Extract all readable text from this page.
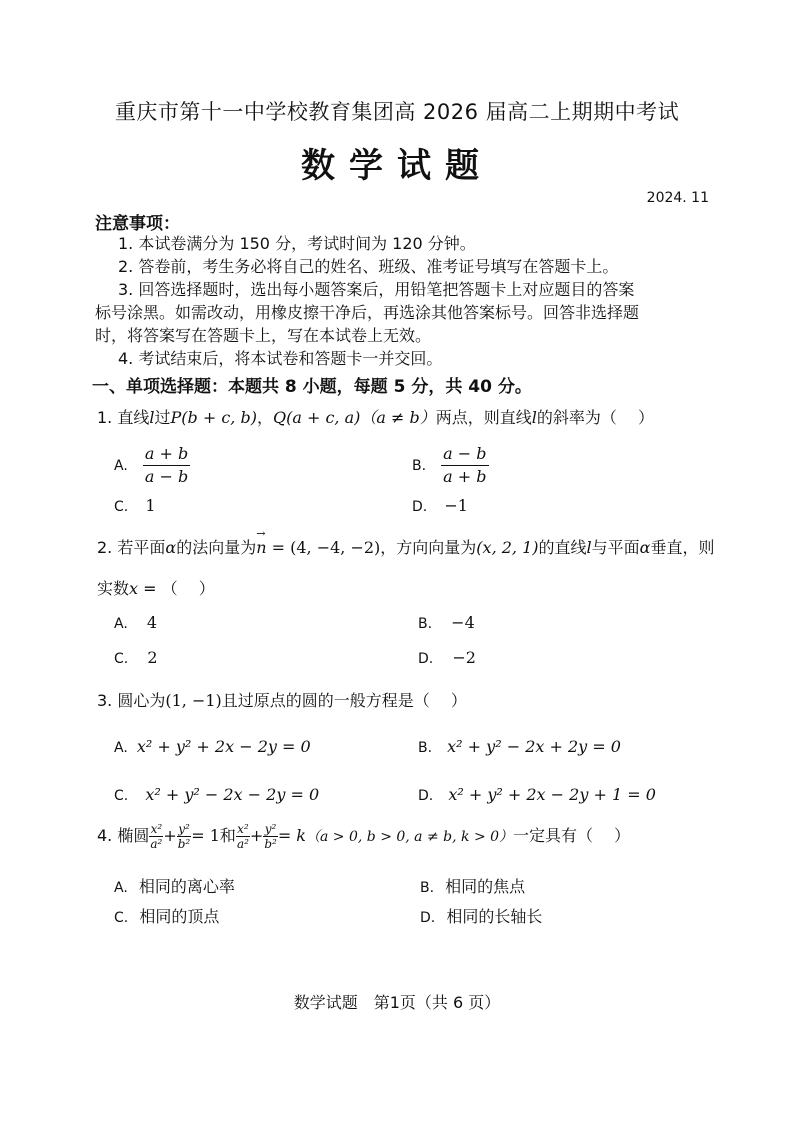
重庆市第十一中学校教育集团高 2026 届高二上期期中考试
数学试题
2024. 11
注意事项：
1. 本试卷满分为 150 分，考试时间为 120 分钟。
2. 答卷前，考生务必将自己的姓名、班级、准考证号填写在答题卡上。
3. 回答选择题时，选出每小题答案后，用铅笔把答题卡上对应题目的答案
标号涂黑。如需改动，用橡皮擦干净后，再选涂其他答案标号。回答非选择题
时，将答案写在答题卡上，写在本试卷上无效。
4. 考试结束后，将本试卷和答题卡一并交回。
一、单项选择题：本题共 8 小题，每题 5 分，共 40 分。
1. 直线l过P(b + c, b)，Q(a + c, a)（a ≠ b）两点，则直线l的斜率为（　 ）
A. $\frac{a + b}{a - b}$	B. $\frac{a - b}{a + b}$
C. 1	D. −1
2. 若平面α的法向量为→ n = (4, −4, −2)，方向向量为(x, 2, 1)的直线l与平面α垂直，则
实数x = （　 ）
A. 4	B. −4
C. 2	D. −2
3. 圆心为(1, −1)且过原点的圆的一般方程是（　 ）
A. x² + y² + 2x − 2y = 0	B. x² + y² − 2x + 2y = 0
C. x² + y² − 2x − 2y = 0	D. x² + y² + 2x − 2y + 1 = 0
4. 椭圆 $\frac{\text{x²}}{\text{a²}} + \frac{\text{y²}}{\text{b²}} = 1$和 $\frac{\text{x²}}{\text{a²}} + \frac{\text{y²}}{\text{b²}} = k(a > 0$, b > 0, a ≠ b, k > 0）一定具有（　 ）
A. 相同的离心率	B. 相同的焦点
C. 相同的顶点	D. 相同的长轴长
数学试题　第1页（共 6 页）
